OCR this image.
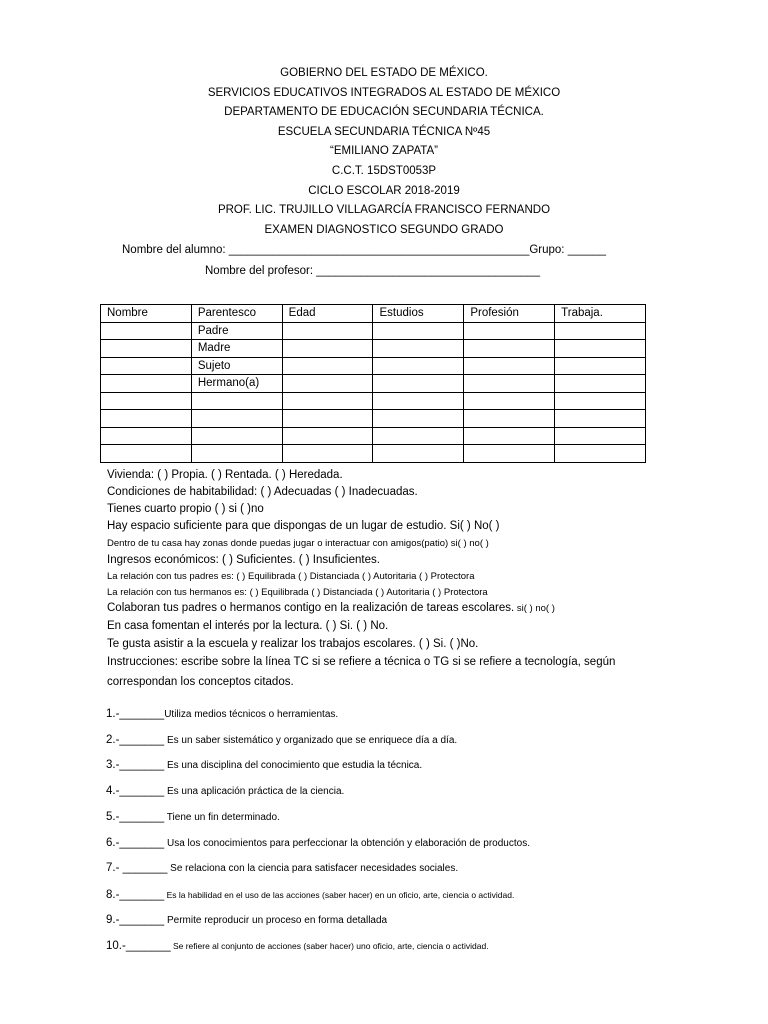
GOBIERNO DEL ESTADO DE MÉXICO.
SERVICIOS EDUCATIVOS INTEGRADOS AL ESTADO DE MÉXICO
DEPARTAMENTO DE EDUCACIÓN SECUNDARIA TÉCNICA.
ESCUELA SECUNDARIA TÉCNICA Nº45
“EMILIANO ZAPATA”
C.C.T. 15DST0053P
CICLO ESCOLAR 2018-2019
PROF. LIC. TRUJILLO VILLAGARCÍA FRANCISCO FERNANDO
EXAMEN DIAGNOSTICO SEGUNDO GRADO
Nombre del alumno: _______________________________________________Grupo: ______
Nombre del profesor: ___________________________________
Nombre	Parentesco	Edad	Estudios	Profesión	Trabaja.
	Padre				
	Madre				
	Sujeto				
	Hermano(a)				

Vivienda: ( ) Propia. ( ) Rentada. ( ) Heredada.
Condiciones de habitabilidad: ( ) Adecuadas ( ) Inadecuadas.
Tienes cuarto propio ( ) si ( )no
Hay espacio suficiente para que dispongas de un lugar de estudio. Si( ) No( )
Dentro de tu casa hay zonas donde puedas jugar o interactuar con amigos(patio) si( ) no( )
Ingresos económicos: ( ) Suficientes. ( ) Insuficientes.
La relación con tus padres es: ( ) Equilibrada ( ) Distanciada ( ) Autoritaria ( ) Protectora
La relación con tus hermanos es: ( ) Equilibrada ( ) Distanciada ( ) Autoritaria ( ) Protectora
Colaboran tus padres o hermanos contigo en la realización de tareas escolares. si( ) no( )
En casa fomentan el interés por la lectura. ( ) Si. ( ) No.
Te gusta asistir a la escuela y realizar los trabajos escolares. ( ) Si. ( )No.
Instrucciones: escribe sobre la línea TC si se refiere a técnica o TG si se refiere a tecnología, según
correspondan los conceptos citados.
1.-_______Utiliza medios técnicos o herramientas.
2.-_______ Es un saber sistemático y organizado que se enriquece día a día.
3.-_______ Es una disciplina del conocimiento que estudia la técnica.
4.-_______ Es una aplicación práctica de la ciencia.
5.-_______ Tiene un fin determinado.
6.-_______ Usa los conocimientos para perfeccionar la obtención y elaboración de productos.
7.- _______ Se relaciona con la ciencia para satisfacer necesidades sociales.
8.-_______ Es la habilidad en el uso de las acciones (saber hacer) en un oficio, arte, ciencia o actividad.
9.-_______ Permite reproducir un proceso en forma detallada
10.-_______ Se refiere al conjunto de acciones (saber hacer) uno oficio, arte, ciencia o actividad.
